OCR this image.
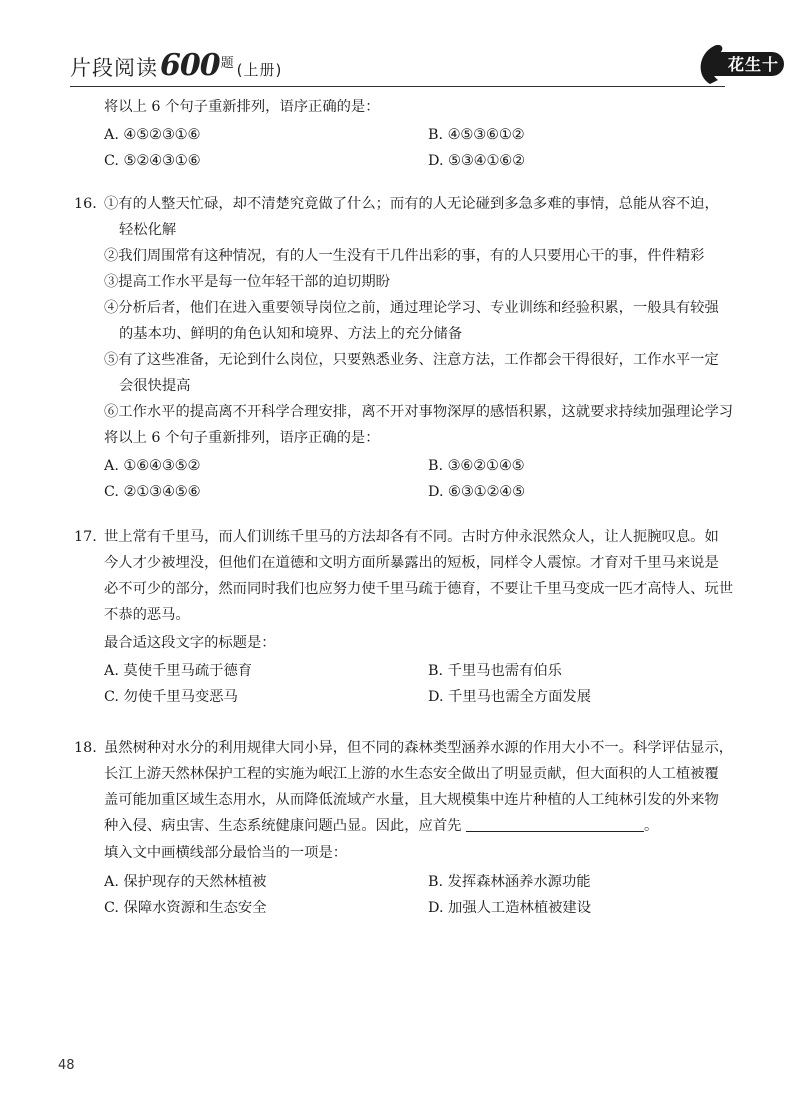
片段阅读$600^题$ (上册)	花生十三
将以上 6 个句子重新排列，语序正确的是：
A. ④⑤②③①⑥	B. ④⑤③⑥①②
C. ⑤②④③①⑥	D. ⑤③④①⑥②
16. ①有的人整天忙碌，却不清楚究竟做了什么；而有的人无论碰到多急多难的事情，总能从容不迫，
轻松化解
②我们周围常有这种情况，有的人一生没有干几件出彩的事，有的人只要用心干的事，件件精彩
③提高工作水平是每一位年轻干部的迫切期盼
④分析后者，他们在进入重要领导岗位之前，通过理论学习、专业训练和经验积累，一般具有较强
的基本功、鲜明的角色认知和境界、方法上的充分储备
⑤有了这些准备，无论到什么岗位，只要熟悉业务、注意方法，工作都会干得很好，工作水平一定
会很快提高
⑥工作水平的提高离不开科学合理安排，离不开对事物深厚的感悟积累，这就要求持续加强理论学习
将以上 6 个句子重新排列，语序正确的是：
A. ①⑥④③⑤②	B. ③⑥②①④⑤
C. ②①③④⑤⑥	D. ⑥③①②④⑤
17. 世上常有千里马，而人们训练千里马的方法却各有不同。古时方仲永泯然众人，让人扼腕叹息。如
今人才少被埋没，但他们在道德和文明方面所暴露出的短板，同样令人震惊。才育对千里马来说是
必不可少的部分，然而同时我们也应努力使千里马疏于德育，不要让千里马变成一匹才高恃人、玩世
不恭的恶马。
最合适这段文字的标题是：
A. 莫使千里马疏于德育	B. 千里马也需有伯乐
C. 勿使千里马变恶马	D. 千里马也需全方面发展
18. 虽然树种对水分的利用规律大同小异，但不同的森林类型涵养水源的作用大小不一。科学评估显示，
长江上游天然林保护工程的实施为岷江上游的水生态安全做出了明显贡献，但大面积的人工植被覆
盖可能加重区域生态用水，从而降低流域产水量，且大规模集中连片种植的人工纯林引发的外来物
种入侵、病虫害、生态系统健康问题凸显。因此，应首先	。
填入文中画横线部分最恰当的一项是：
A. 保护现存的天然林植被	B. 发挥森林涵养水源功能
C. 保障水资源和生态安全	D. 加强人工造林植被建设
48
